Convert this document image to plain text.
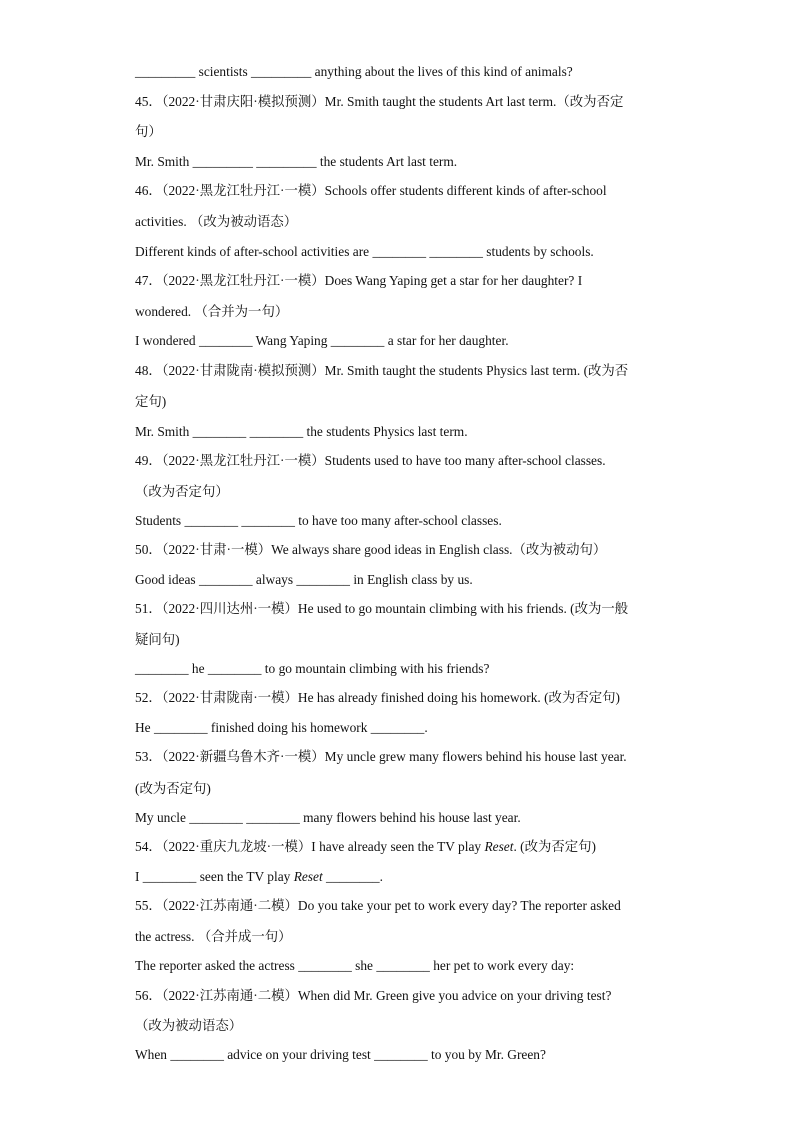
_________ scientists _________ anything about the lives of this kind of animals?
45．（2022·甘肃庆阳·模拟预测）Mr. Smith taught the students Art last term.（改为否定
句）
Mr. Smith _________ _________ the students Art last term.
46．（2022·黑龙江牡丹江·一模）Schools offer students different kinds of after-school
activities. （改为被动语态）
Different kinds of after-school activities are ________ ________ students by schools.
47．（2022·黑龙江牡丹江·一模）Does Wang Yaping get a star for her daughter? I
wondered. （合并为一句）
I wondered ________ Wang Yaping ________ a star for her daughter.
48．（2022·甘肃陇南·模拟预测）Mr. Smith taught the students Physics last term. (改为否
定句)
Mr. Smith ________ ________ the students Physics last term.
49．（2022·黑龙江牡丹江·一模）Students used to have too many after-school classes.
（改为否定句）
Students ________ ________ to have too many after-school classes.
50．（2022·甘肃·一模）We always share good ideas in English class.（改为被动句）
Good ideas ________ always ________ in English class by us.
51．（2022·四川达州·一模）He used to go mountain climbing with his friends. (改为一般
疑问句)
________ he ________ to go mountain climbing with his friends?
52．（2022·甘肃陇南·一模）He has already finished doing his homework. (改为否定句)
He ________ finished doing his homework ________.
53．（2022·新疆乌鲁木齐·一模）My uncle grew many flowers behind his house last year.
(改为否定句)
My uncle ________ ________ many flowers behind his house last year.
54．（2022·重庆九龙坡·一模）I have already seen the TV play Reset. (改为否定句)
I ________ seen the TV play Reset ________.
55．（2022·江苏南通·二模）Do you take your pet to work every day? The reporter asked
the actress. （合并成一句）
The reporter asked the actress ________ she ________ her pet to work every day:
56．（2022·江苏南通·二模）When did Mr. Green give you advice on your driving test?
（改为被动语态）
When ________ advice on your driving test ________ to you by Mr. Green?
